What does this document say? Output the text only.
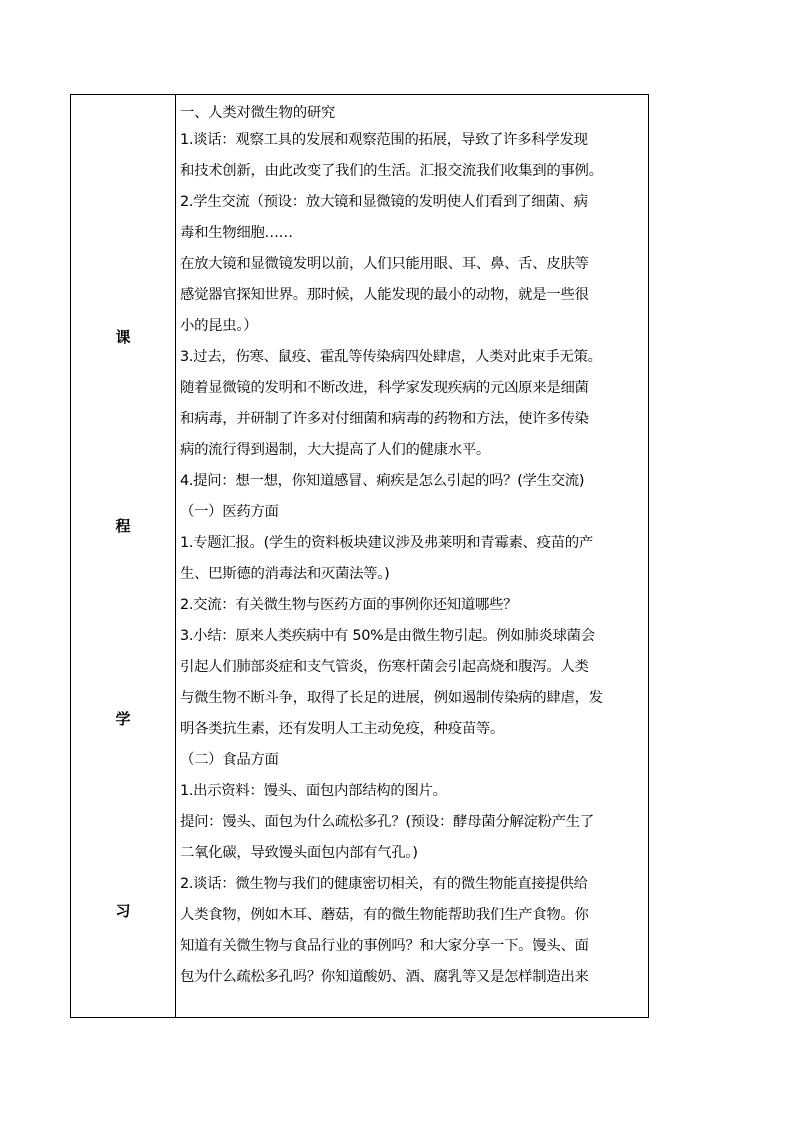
课
程
学
习
一、人类对微生物的研究
1.谈话：观察工具的发展和观察范围的拓展，导致了许多科学发现
和技术创新，由此改变了我们的生活。汇报交流我们收集到的事例。
2.学生交流（预设：放大镜和显微镜的发明使人们看到了细菌、病
毒和生物细胞……
在放大镜和显微镜发明以前，人们只能用眼、耳、鼻、舌、皮肤等
感觉器官探知世界。那时候，人能发现的最小的动物，就是一些很
小的昆虫。）
3.过去，伤寒、鼠疫、霍乱等传染病四处肆虐，人类对此束手无策。
随着显微镜的发明和不断改进，科学家发现疾病的元凶原来是细菌
和病毒，并研制了许多对付细菌和病毒的药物和方法，使许多传染
病的流行得到遏制，大大提高了人们的健康水平。
4.提问：想一想，你知道感冒、痢疾是怎么引起的吗？(学生交流)
（一）医药方面
1.专题汇报。(学生的资料板块建议涉及弗莱明和青霉素、疫苗的产
生、巴斯德的消毒法和灭菌法等。)
2.交流：有关微生物与医药方面的事例你还知道哪些？
3.小结：原来人类疾病中有 50%是由微生物引起。例如肺炎球菌会
引起人们肺部炎症和支气管炎，伤寒杆菌会引起高烧和腹泻。人类
与微生物不断斗争，取得了长足的进展，例如遏制传染病的肆虐，发
明各类抗生素，还有发明人工主动免疫，种疫苗等。
（二）食品方面
1.出示资料：馒头、面包内部结构的图片。
提问：馒头、面包为什么疏松多孔？(预设：酵母菌分解淀粉产生了
二氧化碳，导致馒头面包内部有气孔。)
2.谈话：微生物与我们的健康密切相关，有的微生物能直接提供给
人类食物，例如木耳、蘑菇，有的微生物能帮助我们生产食物。你
知道有关微生物与食品行业的事例吗？和大家分享一下。馒头、面
包为什么疏松多孔吗？你知道酸奶、酒、腐乳等又是怎样制造出来
